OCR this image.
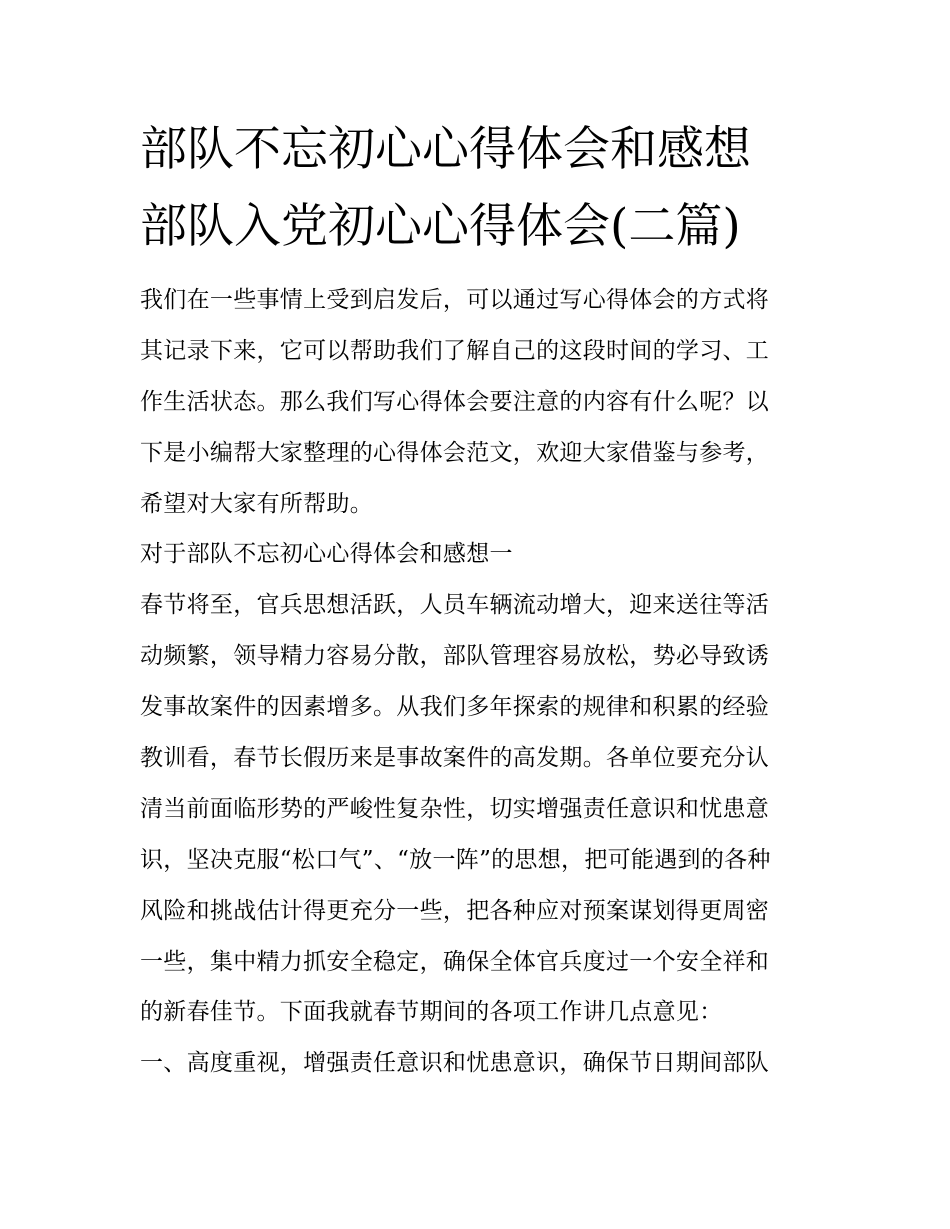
部队不忘初心心得体会和感想
部队入党初心心得体会(二篇)
我们在一些事情上受到启发后，可以通过写心得体会的方式将
其记录下来，它可以帮助我们了解自己的这段时间的学习、工
作生活状态。那么我们写心得体会要注意的内容有什么呢？以
下是小编帮大家整理的心得体会范文，欢迎大家借鉴与参考，
希望对大家有所帮助。
对于部队不忘初心心得体会和感想一
春节将至，官兵思想活跃，人员车辆流动增大，迎来送往等活
动频繁，领导精力容易分散，部队管理容易放松，势必导致诱
发事故案件的因素增多。从我们多年探索的规律和积累的经验
教训看，春节长假历来是事故案件的高发期。各单位要充分认
清当前面临形势的严峻性复杂性，切实增强责任意识和忧患意
识，坚决克服“松口气”、“放一阵”的思想，把可能遇到的各种
风险和挑战估计得更充分一些，把各种应对预案谋划得更周密
一些，集中精力抓安全稳定，确保全体官兵度过一个安全祥和
的新春佳节。下面我就春节期间的各项工作讲几点意见：
一、高度重视，增强责任意识和忧患意识，确保节日期间部队
